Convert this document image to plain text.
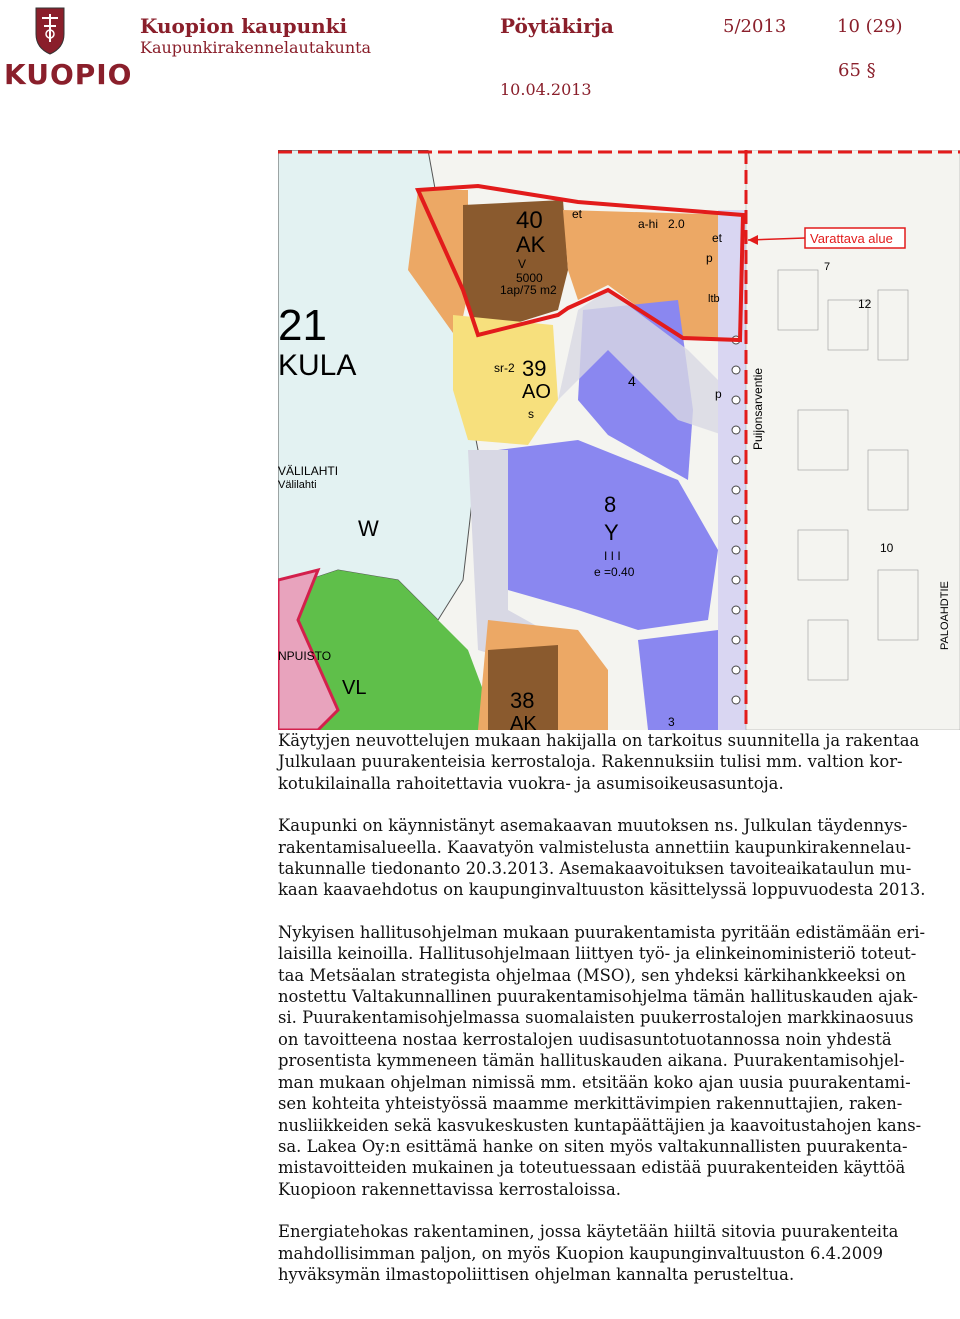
KUOPIO
Kuopion kaupunki
Kaupunkirakennelautakunta
Pöytäkirja	5/2013	10 (29)
65 §
10.04.2013
Varattava alue
40
AK
V
5000
1ap/75 m2
et
et
a-hi 2.0
p
p
ltb
21
KULA	sr-2 39
AO
s
4
VÄLILAHTI
Välilahti
W
8
Y
I I I
e =0.40
NPUISTO
VL	38
AK	3
12
10
7
Puijonsarventie
PALOAHDTIE

Käytyjen neuvottelujen mukaan hakijalla on tarkoitus suunnitella ja rakentaa
Julkulaan puurakenteisia kerrostaloja. Rakennuksiin tulisi mm. valtion kor-
kotukilainalla rahoitettavia vuokra- ja asumisoikeusasuntoja.

Kaupunki on käynnistänyt asemakaavan muutoksen ns. Julkulan täydennys-
rakentamisalueella. Kaavatyön valmistelusta annettiin kaupunkirakennelau-
takunnalle tiedonanto 20.3.2013. Asemakaavoituksen tavoiteaikataulun mu-
kaan kaavaehdotus on kaupunginvaltuuston käsittelyssä loppuvuodesta 2013.

Nykyisen hallitusohjelman mukaan puurakentamista pyritään edistämään eri-
laisilla keinoilla. Hallitusohjelmaan liittyen työ- ja elinkeinoministeriö toteut-
taa Metsäalan strategista ohjelmaa (MSO), sen yhdeksi kärkihankkeeksi on
nostettu Valtakunnallinen puurakentamisohjelma tämän hallituskauden ajak-
si. Puurakentamisohjelmassa suomalaisten puukerrostalojen markkinaosuus
on tavoitteena nostaa kerrostalojen uudisasuntotuotannossa noin yhdestä
prosentista kymmeneen tämän hallituskauden aikana. Puurakentamisohjel-
man mukaan ohjelman nimissä mm. etsitään koko ajan uusia puurakentami-
sen kohteita yhteistyössä maamme merkittävimpien rakennuttajien, raken-
nusliikkeiden sekä kasvukeskusten kuntapäättäjien ja kaavoitustahojen kans-
sa. Lakea Oy:n esittämä hanke on siten myös valtakunnallisten puurakenta-
mistavoitteiden mukainen ja toteutuessaan edistää puurakenteiden käyttöä
Kuopioon rakennettavissa kerrostaloissa.

Energiatehokas rakentaminen, jossa käytetään hiiltä sitovia puurakenteita
mahdollisimman paljon, on myös Kuopion kaupunginvaltuuston 6.4.2009
hyväksymän ilmastopoliittisen ohjelman kannalta perusteltua.
